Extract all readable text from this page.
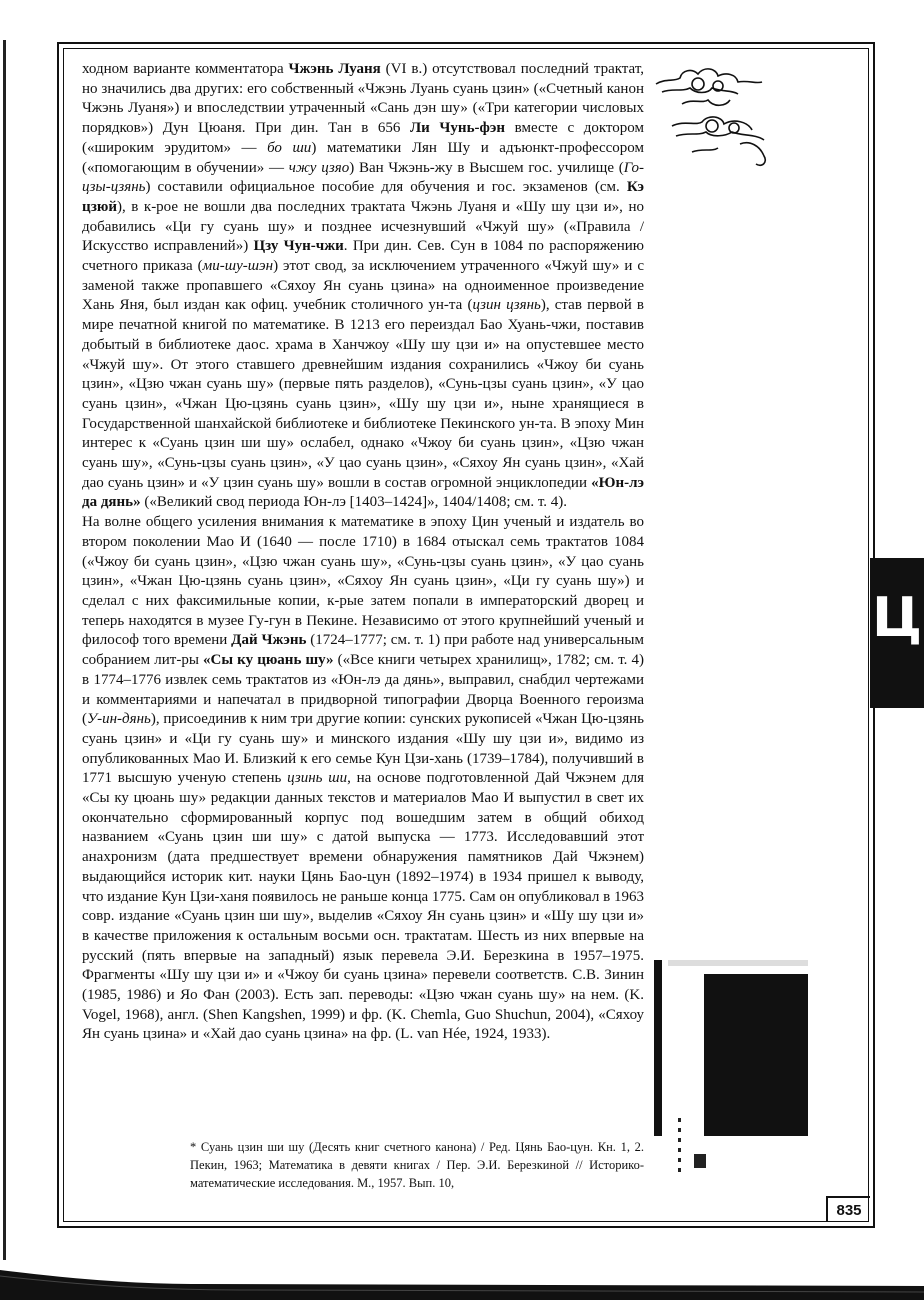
ходном варианте комментатора Чжэнь Луаня (VI в.) отсутствовал последний трактат, но значились два других: его собственный «Чжэнь Луань суань цзин» («Счетный канон Чжэнь Луаня») и впоследствии утраченный «Сань дэн шу» («Три категории числовых порядков») Дун Цюаня. При дин. Тан в 656 Ли Чунь-фэн вместе с доктором («широким эрудитом» — бо ши) математики Лян Шу и адъюнкт-профессором («помогающим в обучении» — чжу цзяо) Ван Чжэнь-жу в Высшем гос. училище (Го-цзы-цзянь) составили официальное пособие для обучения и гос. экзаменов (см. Кэ цзюй), в к-рое не вошли два последних трактата Чжэнь Луаня и «Шу шу цзи и», но добавились «Ци гу суань шу» и позднее исчезнувший «Чжуй шу» («Правила / Искусство исправлений») Цзу Чун-чжи. При дин. Сев. Сун в 1084 по распоряжению счетного приказа (ми-шу-шэн) этот свод, за исключением утраченного «Чжуй шу» и с заменой также пропавшего «Сяхоу Ян суань цзина» на одноименное произведение Хань Яня, был издан как офиц. учебник столичного ун-та (цзин цзянь), став первой в мире печатной книгой по математике. В 1213 его переиздал Бао Хуань-чжи, поставив добытый в библиотеке даос. храма в Ханчжоу «Шу шу цзи и» на опустевшее место «Чжуй шу». От этого ставшего древнейшим издания сохранились «Чжоу би суань цзин», «Цзю чжан суань шу» (первые пять разделов), «Сунь-цзы суань цзин», «У цао суань цзин», «Чжан Цю-цзянь суань цзин», «Шу шу цзи и», ныне хранящиеся в Государственной шанхайской библиотеке и библиотеке Пекинского ун-та. В эпоху Мин интерес к «Суань цзин ши шу» ослабел, однако «Чжоу би суань цзин», «Цзю чжан суань шу», «Сунь-цзы суань цзин», «У цао суань цзин», «Сяхоу Ян суань цзин», «Хай дао суань цзин» и «У цзин суань шу» вошли в состав огромной энциклопедии «Юн-лэ да дянь» («Великий свод периода Юн-лэ [1403–1424]», 1404/1408; см. т. 4).

На волне общего усиления внимания к математике в эпоху Цин ученый и издатель во втором поколении Мао И (1640 — после 1710) в 1684 отыскал семь трактатов 1084 («Чжоу би суань цзин», «Цзю чжан суань шу», «Сунь-цзы суань цзин», «У цао суань цзин», «Чжан Цю-цзянь суань цзин», «Сяхоу Ян суань цзин», «Ци гу суань шу») и сделал с них факсимильные копии, к-рые затем попали в императорский дворец и теперь находятся в музее Гу-гун в Пекине. Независимо от этого крупнейший ученый и философ того времени Дай Чжэнь (1724–1777; см. т. 1) при работе над универсальным собранием лит-ры «Сы ку цюань шу» («Все книги четырех хранилищ», 1782; см. т. 4) в 1774–1776 извлек семь трактатов из «Юн-лэ да дянь», выправил, снабдил чертежами и комментариями и напечатал в придворной типографии Дворца Военного героизма (У-ин-дянь), присоединив к ним три другие копии: сунских рукописей «Чжан Цю-цзянь суань цзин» и «Ци гу суань шу» и минского издания «Шу шу цзи и», видимо из опубликованных Мао И. Близкий к его семье Кун Цзи-хань (1739–1784), получивший в 1771 высшую ученую степень цзинь ши, на основе подготовленной Дай Чжэнем для «Сы ку цюань шу» редакции данных текстов и материалов Мао И выпустил в свет их окончательно сформированный корпус под вошедшим затем в общий обиход названием «Суань цзин ши шу» с датой выпуска — 1773. Исследовавший этот анахронизм (дата предшествует времени обнаружения памятников Дай Чжэнем) выдающийся историк кит. науки Цянь Бао-цун (1892–1974) в 1934 пришел к выводу, что издание Кун Цзи-ханя появилось не раньше конца 1775. Сам он опубликовал в 1963 совр. издание «Суань цзин ши шу», выделив «Сяхоу Ян суань цзин» и «Шу шу цзи и» в качестве приложения к остальным восьми осн. трактатам. Шесть из них впервые на русский (пять впервые на западный) язык перевела Э.И. Березкина в 1957–1975. Фрагменты «Шу шу цзи и» и «Чжоу би суань цзина» перевели соответств. С.В. Зинин (1985, 1986) и Яо Фан (2003). Есть зап. переводы: «Цзю чжан суань шу» на нем. (K. Vogel, 1968), англ. (Shen Kangshen, 1999) и фр. (K. Chemla, Guo Shuchun, 2004), «Сяхоу Ян суань цзина» и «Хай дао суань цзина» на фр. (L. van Hée, 1924, 1933).

* Суань цзин ши шу (Десять книг счетного канона) / Ред. Цянь Бао-цун. Кн. 1, 2. Пекин, 1963; Математика в девяти книгах / Пер. Э.И. Березкиной // Историко-математические исследования. М., 1957. Вып. 10,
Ц
835
